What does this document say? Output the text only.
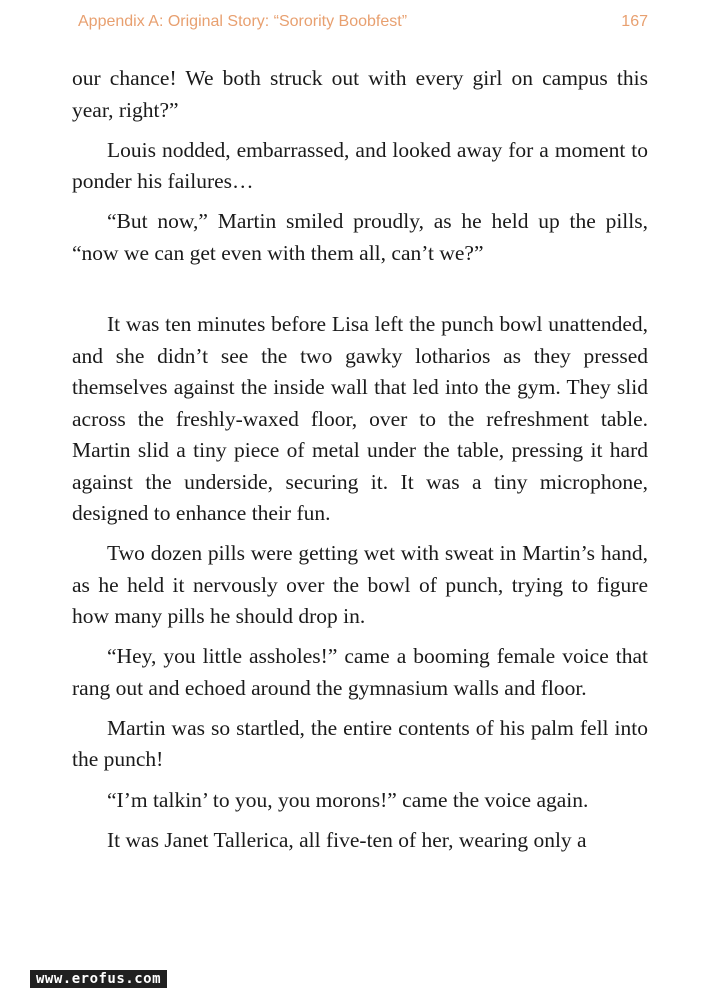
Appendix A: Original Story: “Sorority Boobfest”	167

our chance! We both struck out with every girl on campus this year, right?”

Louis nodded, embarrassed, and looked away for a moment to ponder his failures…

“But now,” Martin smiled proudly, as he held up the pills, “now we can get even with them all, can’t we?”

It was ten minutes before Lisa left the punch bowl unattended, and she didn’t see the two gawky lotharios as they pressed themselves against the inside wall that led into the gym. They slid across the freshly-waxed floor, over to the refreshment table. Martin slid a tiny piece of metal under the table, pressing it hard against the underside, securing it. It was a tiny microphone, designed to enhance their fun.

Two dozen pills were getting wet with sweat in Martin’s hand, as he held it nervously over the bowl of punch, trying to figure how many pills he should drop in.

“Hey, you little assholes!” came a booming female voice that rang out and echoed around the gymnasium walls and floor.

Martin was so startled, the entire contents of his palm fell into the punch!

“I’m talkin’ to you, you morons!” came the voice again.

It was Janet Tallerica, all five-ten of her, wearing only a

www.erofus.com
